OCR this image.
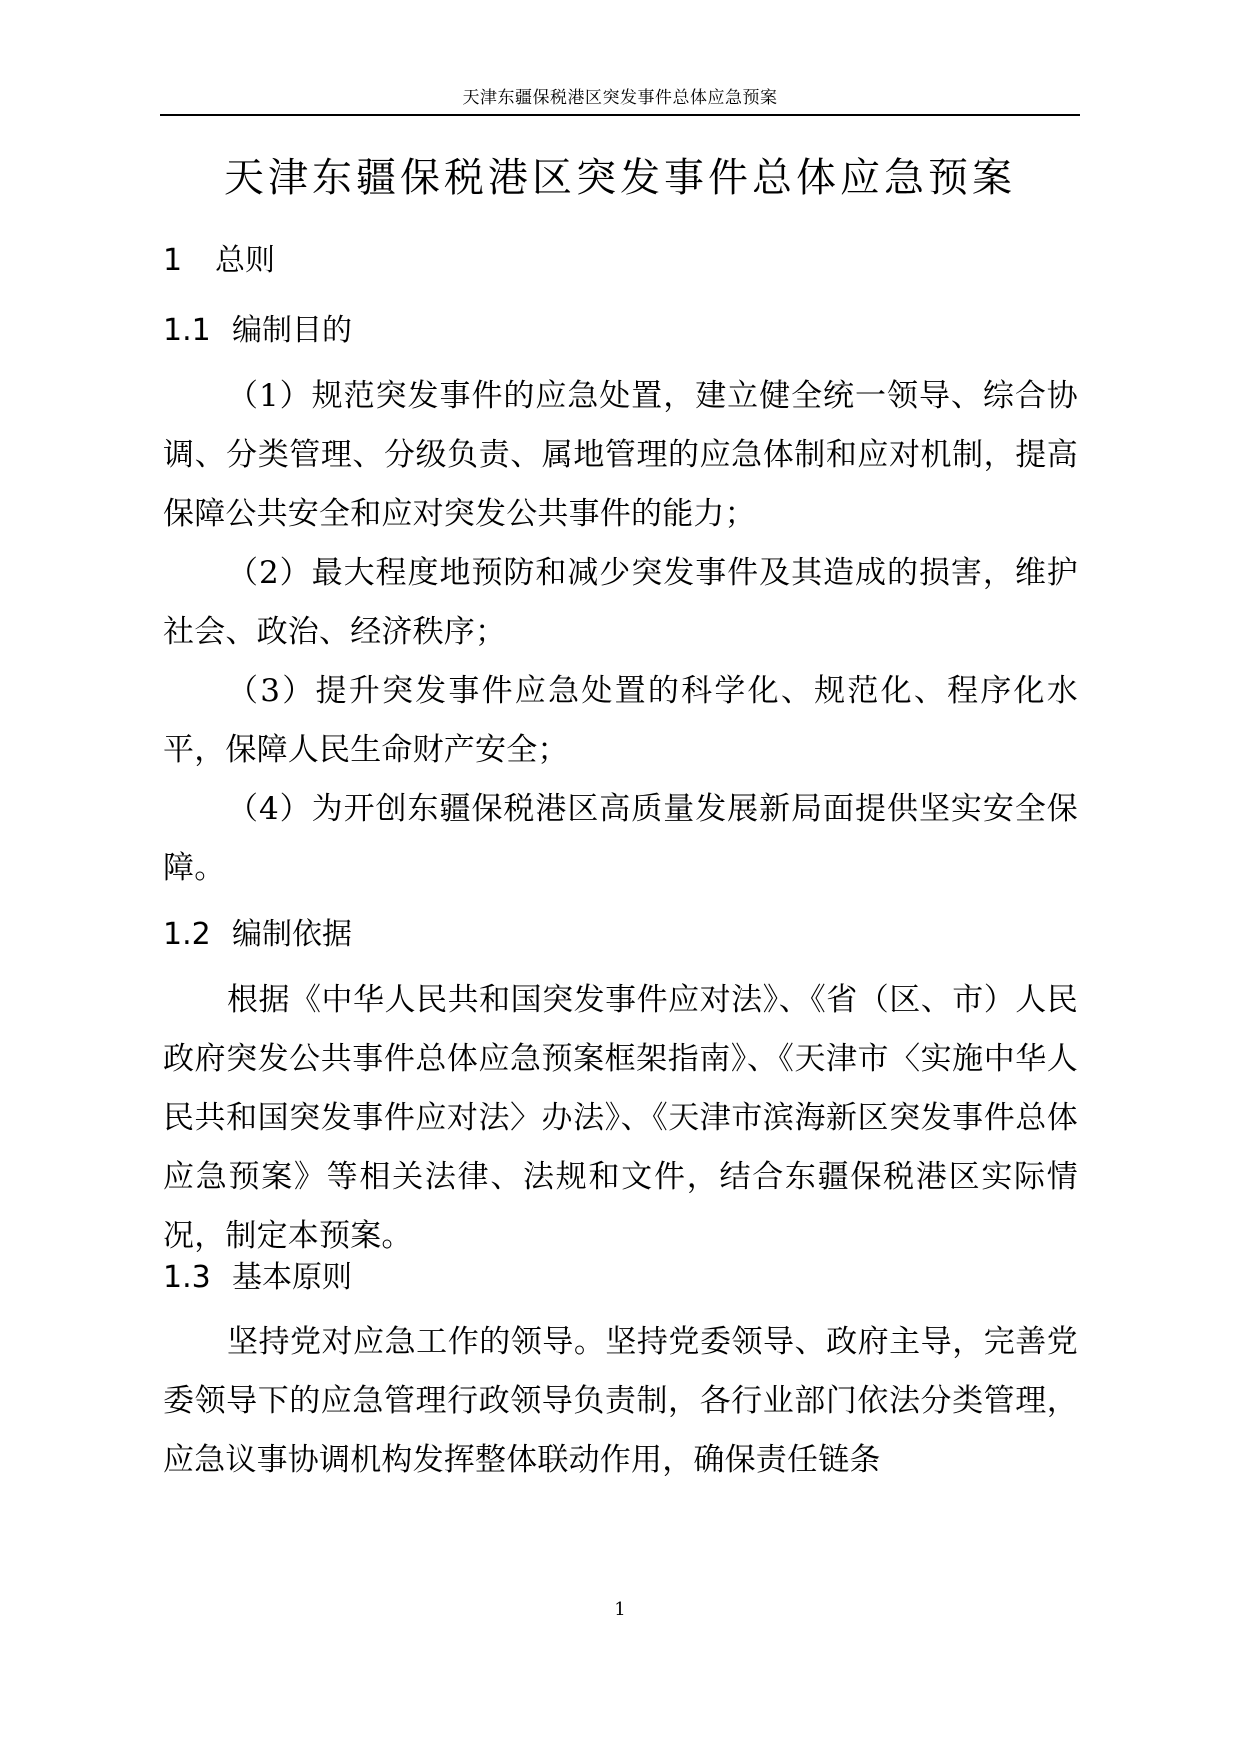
天津东疆保税港区突发事件总体应急预案
天津东疆保税港区突发事件总体应急预案
1 总则
1.1 编制目的

（1）规范突发事件的应急处置，建立健全统一领导、综合协调、分类管理、分级负责、属地管理的应急体制和应对机制，提高保障公共安全和应对突发公共事件的能力；

（2）最大程度地预防和减少突发事件及其造成的损害，维护社会、政治、经济秩序；

（3）提升突发事件应急处置的科学化、规范化、程序化水平，保障人民生命财产安全；

（4）为开创东疆保税港区高质量发展新局面提供坚实安全保障。

1.2 编制依据

根据《中华人民共和国突发事件应对法》、《省（区、市）人民政府突发公共事件总体应急预案框架指南》、《天津市〈实施中华人民共和国突发事件应对法〉办法》、《天津市滨海新区突发事件总体应急预案》等相关法律、法规和文件，结合东疆保税港区实际情况，制定本预案。

1.3 基本原则

坚持党对应急工作的领导。坚持党委领导、政府主导，完善党委领导下的应急管理行政领导负责制，各行业部门依法分类管理，应急议事协调机构发挥整体联动作用，确保责任链条

1
